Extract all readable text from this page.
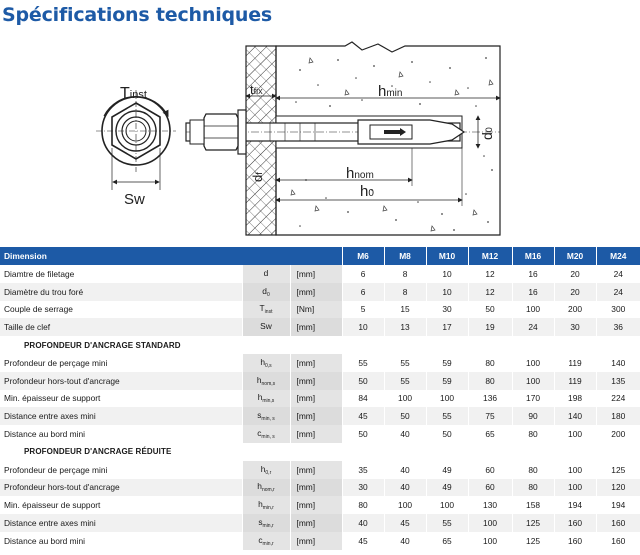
Spécifications techniques
Tinst
Sw
tfix	hmin
d0
df	hnom
h0
Dimension			M6	M8	M10	M12	M16	M20	M24
Diamtre de filetage	d	[mm]	6	8	10	12	16	20	24
Diamètre du trou foré	$d_0$	[mm]	6	8	10	12	16	20	24
Couple de serrage	$T_{inst}$	[Nm]	5	15	30	50	100	200	300
Taille de clef	Sw	[mm]	10	13	17	19	24	30	36
PROFONDEUR D'ANCRAGE STANDARD									
Profondeur de perçage mini	$h_{0,s}$	[mm]	55	55	59	80	100	119	140
Profondeur hors-tout d'ancrage	$h_{nom,s}$	[mm]	50	55	59	80	100	119	135
Min. épaisseur de support	$h_{min,s}$	[mm]	84	100	100	136	170	198	224
Distance entre axes mini	$s_{min, s}$	[mm]	45	50	55	75	90	140	180
Distance au bord mini	$c_{min, s}$	[mm]	50	40	50	65	80	100	200
PROFONDEUR D'ANCRAGE RÉDUITE									
Profondeur de perçage mini	$h_{0,r}$	[mm]	35	40	49	60	80	100	125
Profondeur hors-tout d'ancrage	$h_{nom,r}$	[mm]	30	40	49	60	80	100	120
Min. épaisseur de support	$h_{min,r}$	[mm]	80	100	100	130	158	194	194
Distance entre axes mini	$s_{min,r}$	[mm]	40	45	55	100	125	160	160
Distance au bord mini	$c_{min,r}$	[mm]	45	40	65	100	125	160	160
